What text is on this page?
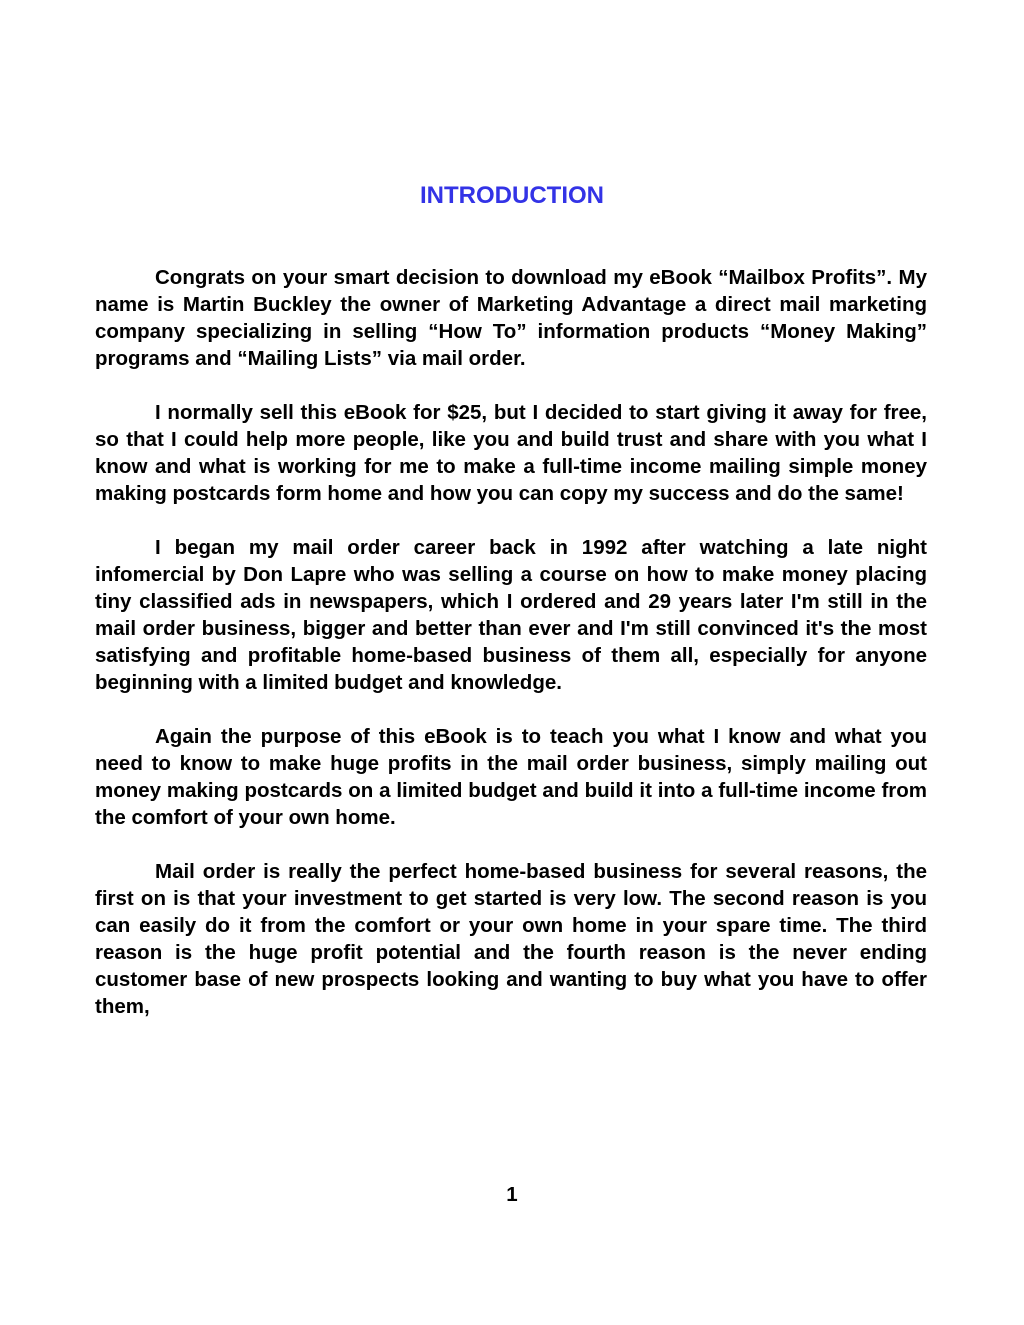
INTRODUCTION

Congrats on your smart decision to download my eBook “Mailbox Profits”. My name is Martin Buckley the owner of Marketing Advantage a direct mail marketing company specializing in selling “How To” information products “Money Making” programs and “Mailing Lists” via mail order.

I normally sell this eBook for $25, but I decided to start giving it away for free, so that I could help more people, like you and build trust and share with you what I know and what is working for me to make a full-time income mailing simple money making postcards form home and how you can copy my success and do the same!

I began my mail order career back in 1992 after watching a late night infomercial by Don Lapre who was selling a course on how to make money placing tiny classified ads in newspapers, which I ordered and 29 years later I'm still in the mail order business, bigger and better than ever and I'm still convinced it's the most satisfying and profitable home-based business of them all, especially for anyone beginning with a limited budget and knowledge.

Again the purpose of this eBook is to teach you what I know and what you need to know to make huge profits in the mail order business, simply mailing out money making postcards on a limited budget and build it into a full-time income from the comfort of your own home.

Mail order is really the perfect home-based business for several reasons, the first on is that your investment to get started is very low. The second reason is you can easily do it from the comfort or your own home in your spare time. The third reason is the huge profit potential and the fourth reason is the never ending customer base of new prospects looking and wanting to buy what you have to offer them,

1
